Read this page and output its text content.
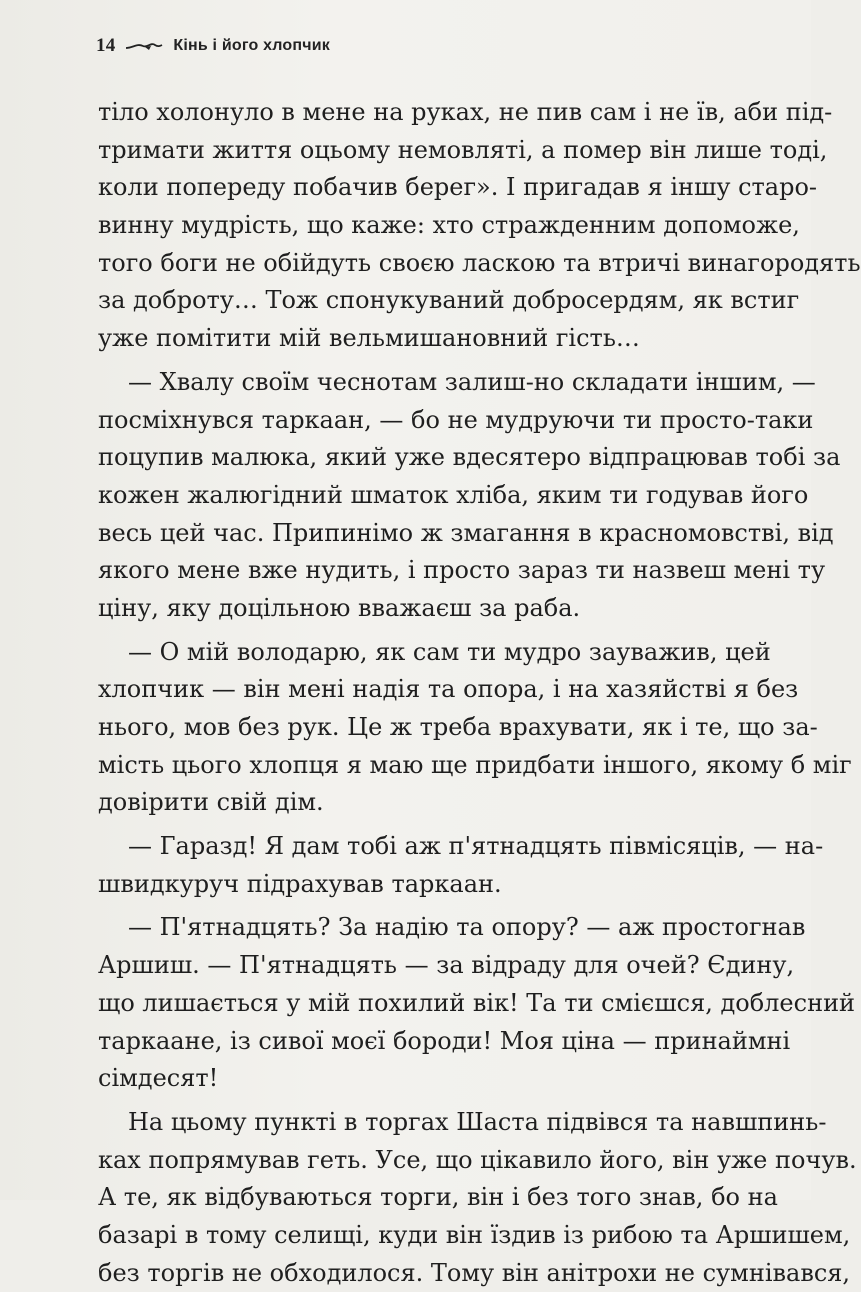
14	Кінь і його хлопчик
тіло холонуло в мене на руках, не пив сам і не їв, аби під-
тримати життя оцьому немовляті, а помер він лише тоді,
коли попереду побачив берег». І пригадав я іншу старо-
винну мудрість, що каже: хто стражденним допоможе,
того боги не обійдуть своєю ласкою та втричі винагородять
за доброту… Тож спонукуваний добросердям, як встиг
уже помітити мій вельмишановний гість…
— Хвалу своїм чеснотам залиш-но складати іншим, —
посміхнувся таркаан, — бо не мудруючи ти просто-таки
поцупив малюка, який уже вдесятеро відпрацював тобі за
кожен жалюгідний шматок хліба, яким ти годував його
весь цей час. Припинімо ж змагання в красномовстві, від
якого мене вже нудить, і просто зараз ти назвеш мені ту
ціну, яку доцільною вважаєш за раба.
— О мій володарю, як сам ти мудро зауважив, цей
хлопчик — він мені надія та опора, і на хазяйстві я без
нього, мов без рук. Це ж треба врахувати, як і те, що за-
мість цього хлопця я маю ще придбати іншого, якому б міг
довірити свій дім.
— Гаразд! Я дам тобі аж п'ятнадцять півмісяців, — на-
швидкуруч підрахував таркаан.
— П'ятнадцять? За надію та опору? — аж простогнав
Аршиш. — П'ятнадцять — за відраду для очей? Єдину,
що лишається у мій похилий вік! Та ти смієшся, доблесний
таркаане, із сивої моєї бороди! Моя ціна — принаймні
сімдесят!
На цьому пункті в торгах Шаста підвівся та навшпинь-
ках попрямував геть. Усе, що цікавило його, він уже почув.
А те, як відбуваються торги, він і без того знав, бо на
базарі в тому селищі, куди він їздив із рибою та Аршишем,
без торгів не обходилося. Тому він анітрохи не сумнівався,
